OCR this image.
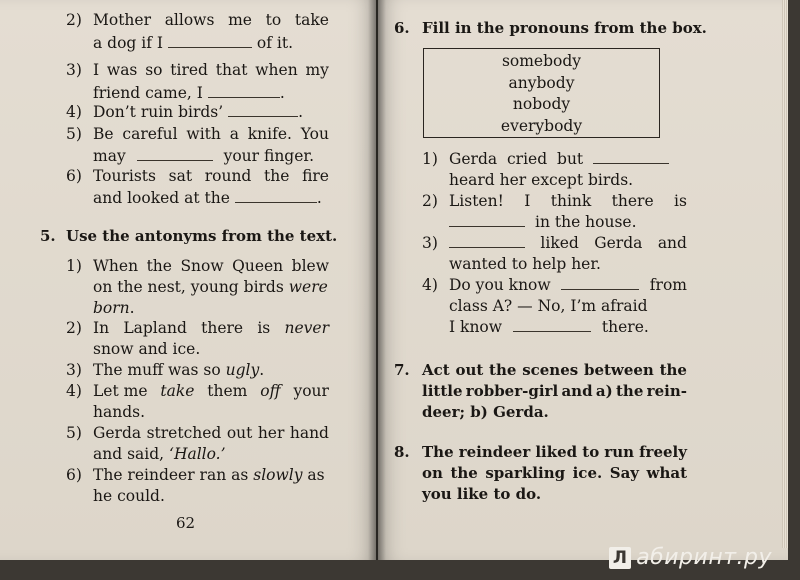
2) Mother allows me to take
a dog if I	of it.
3) I was so tired that when my
friend came, I	.
4) Don’t ruin birds’	.
5) Be careful with a knife. You
may	your finger.
6) Tourists sat round the fire
and looked at the	.
5. Use the antonyms from the text.
1) When the Snow Queen blew
on the nest, young birds were
born.
2) In Lapland there is never
snow and ice.
3) The muff was so ugly.
4) Let me take them off your
hands.
5) Gerda stretched out her hand
and said, ‘Hallo.’
6) The reindeer ran as slowly as
he could.
62
6. Fill in the pronouns from the box.
somebody
anybody
nobody
everybody
1) Gerda cried but
heard her except birds.
2) Listen! I think there is
in the house.
3)	liked Gerda and
wanted to help her.
4) Do you know	from
class A? — No, I’m afraid
I know	there.
7. Act out the scenes between the
little robber-girl and a) the rein-
deer; b) Gerda.
8. The reindeer liked to run freely
on the sparkling ice. Say what
you like to do.
Л абиринт.ру
